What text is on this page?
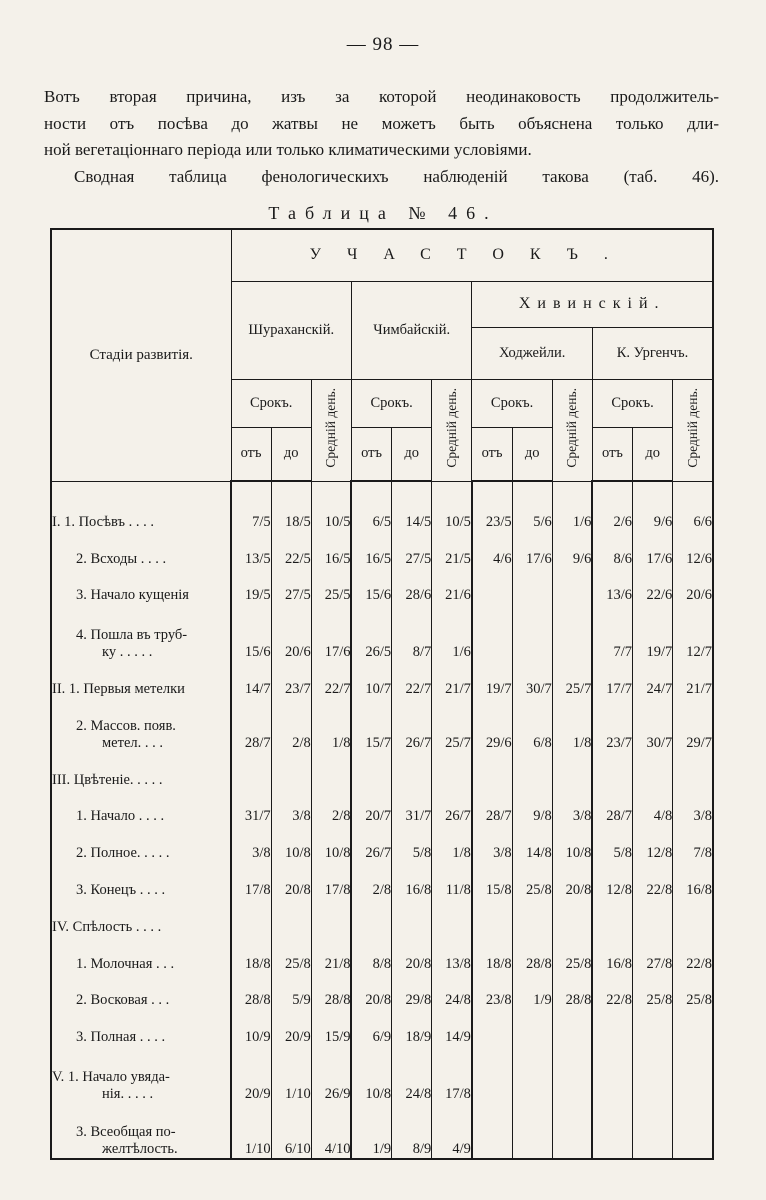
— 98 —

Вотъ вторая причина, изъ за которой неодинаковость продолжитель-

ности отъ посѣва до жатвы не можетъ быть объяснена только дли-

ной вегетаціоннаго періода или только климатическими условіями.

Сводная таблица фенологическихъ наблюденій такова (таб. 46).

Таблица № 46.
Стадіи развитія.	УЧАСТОКЪ.											
	Шураханскій.			Чимбайскій.			Хивинскій.					
							Ходжейли.			К. Ургенчъ.		
	Срокъ.		Средній день.	Срокъ.		Средній день.	Срокъ.		Средній день.	Срокъ.		Средній день.
	отъ	до		отъ	до		отъ	до		отъ	до	

I. 1. Посѣвъ . . . .	7/5	18/5	10/5	6/5	14/5	10/5	23/5	5/6	1/6	2/6	9/6	6/6

2. Всходы . . . .	13/5	22/5	16/5	16/5	27/5	21/5	4/6	17/6	9/6	8/6	17/6	12/6

3. Начало кущенія	19/5	27/5	25/5	15/6	28/6	21/6				13/6	22/6	20/6

4. Пошла въ труб-
ку . . . . .	15/6	20/6	17/6	26/5	8/7	1/6				7/7	19/7	12/7

II. 1. Первыя метелки	14/7	23/7	22/7	10/7	22/7	21/7	19/7	30/7	25/7	17/7	24/7	21/7

2. Массов. появ.
метел. . . .	28/7	2/8	1/8	15/7	26/7	25/7	29/6	6/8	1/8	23/7	30/7	29/7

III. Цвѣтеніе. . . . .												

1. Начало . . . .	31/7	3/8	2/8	20/7	31/7	26/7	28/7	9/8	3/8	28/7	4/8	3/8

2. Полное. . . . .	3/8	10/8	10/8	26/7	5/8	1/8	3/8	14/8	10/8	5/8	12/8	7/8

3. Конецъ . . . .	17/8	20/8	17/8	2/8	16/8	11/8	15/8	25/8	20/8	12/8	22/8	16/8

IV. Спѣлость . . . .												

1. Молочная . . .	18/8	25/8	21/8	8/8	20/8	13/8	18/8	28/8	25/8	16/8	27/8	22/8

2. Восковая . . .	28/8	5/9	28/8	20/8	29/8	24/8	23/8	1/9	28/8	22/8	25/8	25/8

3. Полная . . . .	10/9	20/9	15/9	6/9	18/9	14/9						

V. 1. Начало увяда-
нія. . . . .	20/9	1/10	26/9	10/8	24/8	17/8						

3. Всеобщая по-
желтѣлость.	1/10	6/10	4/10	1/9	8/9	4/9						
